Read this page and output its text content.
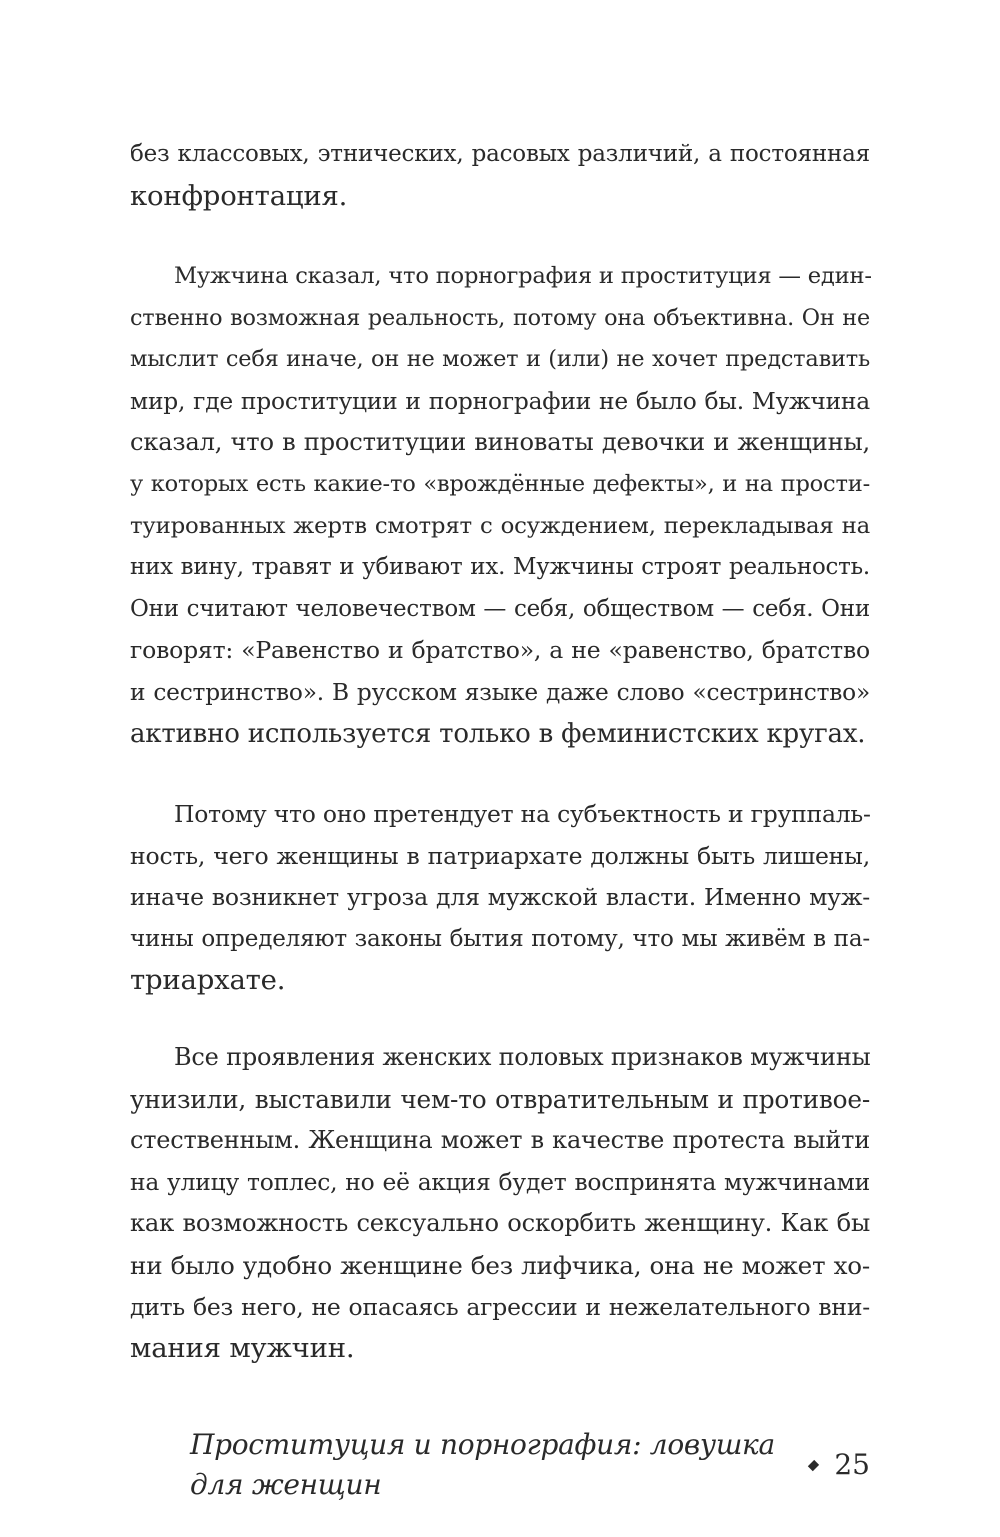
без классовых, этнических, расовых различий, а постоянная
конфронтация.
Мужчина сказал, что порнография и проституция — един-
ственно возможная реальность, потому она объективна. Он не
мыслит себя иначе, он не может и (или) не хочет представить
мир, где проституции и порнографии не было бы. Мужчина
сказал, что в проституции виноваты девочки и женщины,
у которых есть какие-то «врождённые дефекты», и на прости-
туированных жертв смотрят с осуждением, перекладывая на
них вину, травят и убивают их. Мужчины строят реальность.
Они считают человечеством — себя, обществом — себя. Они
говорят: «Равенство и братство», а не «равенство, братство
и сестринство». В русском языке даже слово «сестринство»
активно используется только в феминистских кругах.
Потому что оно претендует на субъектность и группаль-
ность, чего женщины в патриархате должны быть лишены,
иначе возникнет угроза для мужской власти. Именно муж-
чины определяют законы бытия потому, что мы живём в па-
триархате.
Все проявления женских половых признаков мужчины
унизили, выставили чем-то отвратительным и противое-
стественным. Женщина может в качестве протеста выйти
на улицу топлес, но её акция будет воспринята мужчинами
как возможность сексуально оскорбить женщину. Как бы
ни было удобно женщине без лифчика, она не может хо-
дить без него, не опасаясь агрессии и нежелательного вни-
мания мужчин.
Проституция и порнография: ловушка для женщин
25
